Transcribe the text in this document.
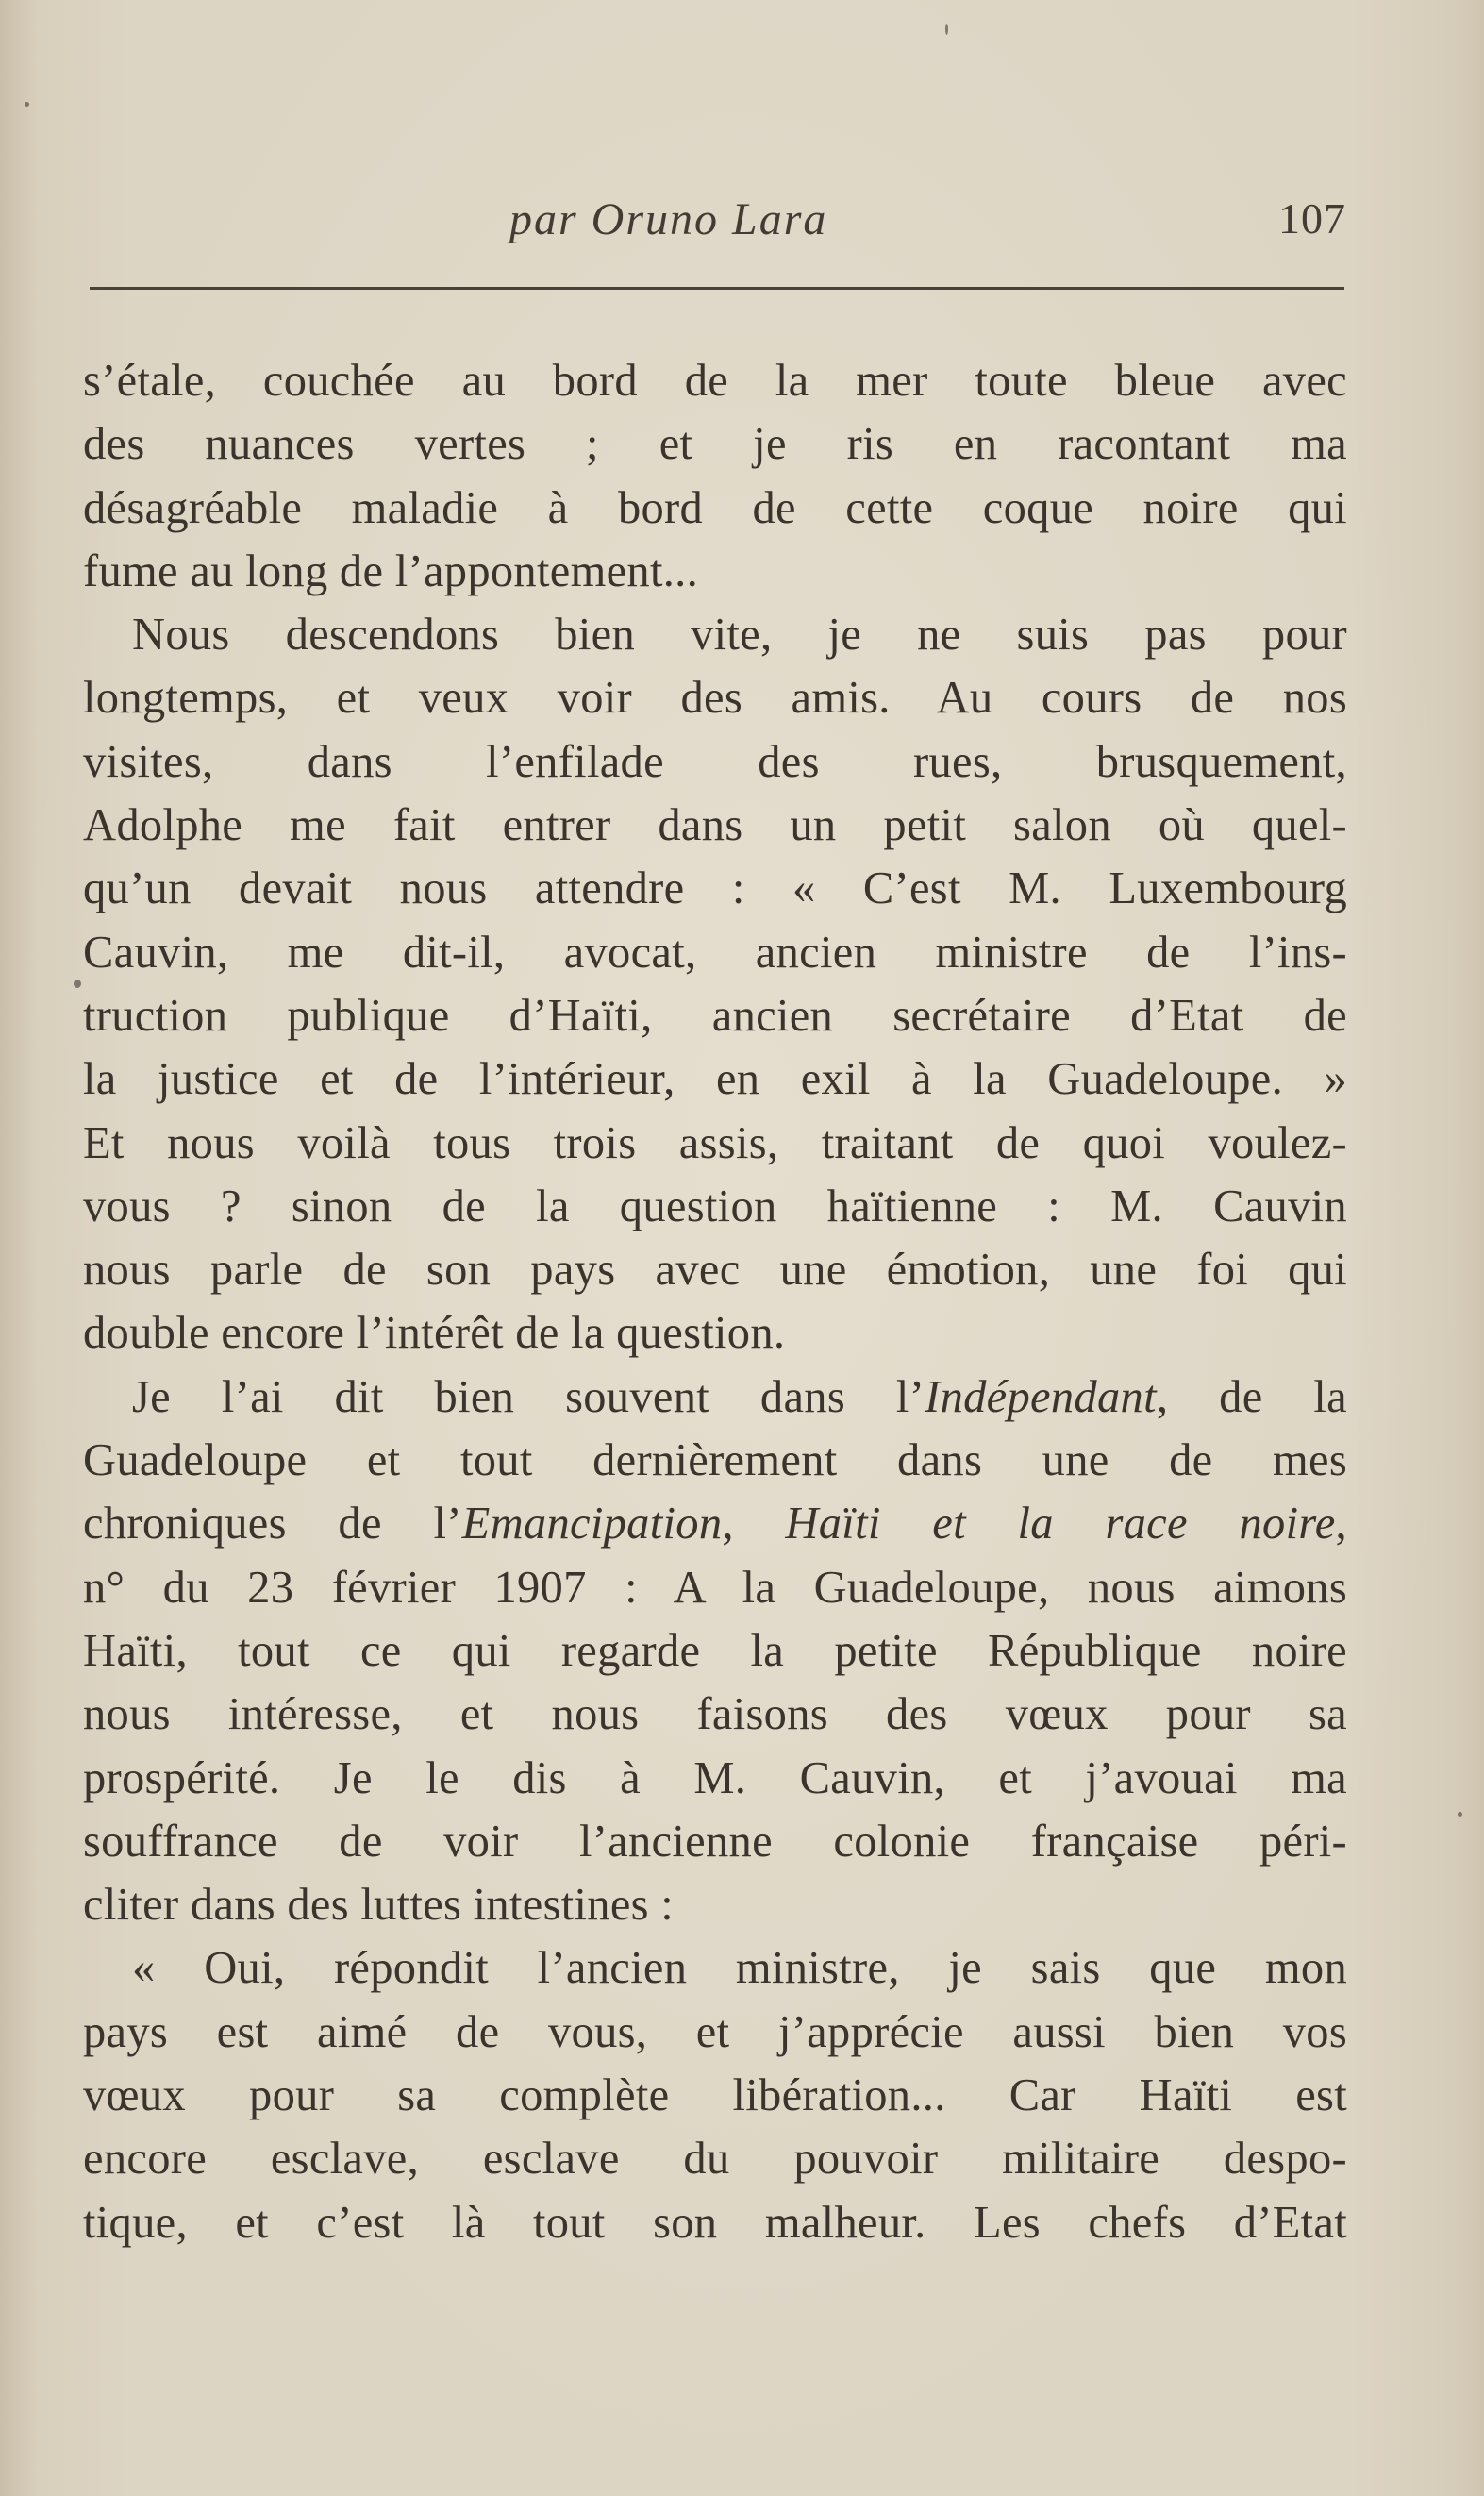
par Oruno Lara	107
s’étale, couchée au bord de la mer toute bleue avec
des nuances vertes ; et je ris en racontant ma
désagréable maladie à bord de cette coque noire qui
fume au long de l’appontement...
Nous descendons bien vite, je ne suis pas pour
longtemps, et veux voir des amis. Au cours de nos
visites, dans l’enfilade des rues, brusquement,
Adolphe me fait entrer dans un petit salon où quel-
qu’un devait nous attendre : « C’est M. Luxembourg
Cauvin, me dit-il, avocat, ancien ministre de l’ins-
truction publique d’Haïti, ancien secrétaire d’Etat de
la justice et de l’intérieur, en exil à la Guadeloupe. »
Et nous voilà tous trois assis, traitant de quoi voulez-
vous ? sinon de la question haïtienne : M. Cauvin
nous parle de son pays avec une émotion, une foi qui
double encore l’intérêt de la question.
Je l’ai dit bien souvent dans l’Indépendant, de la
Guadeloupe et tout dernièrement dans une de mes
chroniques de l’Emancipation, Haïti et la race noire,
n° du 23 février 1907 : A la Guadeloupe, nous aimons
Haïti, tout ce qui regarde la petite République noire
nous intéresse, et nous faisons des vœux pour sa
prospérité. Je le dis à M. Cauvin, et j’avouai ma
souffrance de voir l’ancienne colonie française péri-
cliter dans des luttes intestines :
« Oui, répondit l’ancien ministre, je sais que mon
pays est aimé de vous, et j’apprécie aussi bien vos
vœux pour sa complète libération... Car Haïti est
encore esclave, esclave du pouvoir militaire despo-
tique, et c’est là tout son malheur. Les chefs d’Etat
